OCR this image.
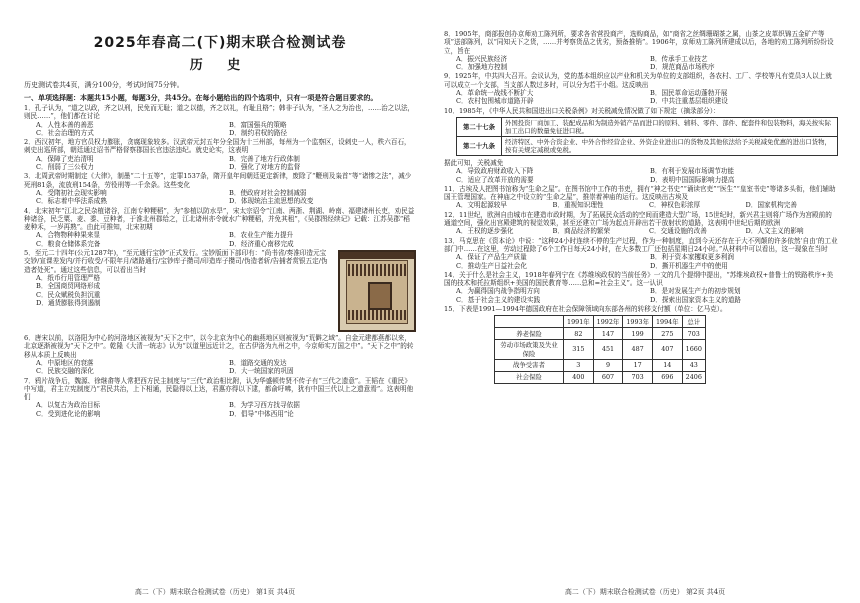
2025年春高二(下)期末联合检测试卷
历 史
历史测试卷共4页，满分100分，考试时间75分钟。
一、单项选择题：本题共15小题，每题3分，共45分。在每小题给出的四个选项中，只有一项是符合题目要求的。
1．孔子认为，“道之以政，齐之以刑，民免而无耻；道之以德，齐之以礼，有耻且格”；韩非子认为，“圣人之为治也，……治之以法，则民……”，他们都在讨论
A．人性本善的善恶	B．富国强兵的策略
C．社会治理的方式	D．制约君权的路径
2．西汉初年，地方官员权力膨胀，贪腐现象较多。汉武帝元封五年分全国为十三州部，每州为一个监察区，设刺史一人，秩六百石，刺史出巡所部，朝廷通过诏书严格督察郡国长官违法违纪。就史论实，这表明
A．保障了吏治清明	B．完善了地方行政体制
C．削弱了三公权力	D．强化了对地方的监督
3．北周武帝时期制定《大律》，制墨“二十五等”，定罪1537条，隋开皇年间朝廷更定新律，废除了“鞭刑及枭首”等“诸惨之法”，减少死刑81条，流放刑154条，劳役刑等一千余条。这些变化
A．受隋初社会现实影响	B．使政府对社会控制减弱
C．标志着中华法系成熟	D．体现统治主流思想的改变
4．北宋初年“江北之民杂植诸谷，江南专种粳稻”，为“参植以防水旱”，宋太宗诏令“江南、两浙、荆湖、岭南、福建诸州长吏，劝民益种诸谷，民乏粟、麦、黍、豆种者，于淮北州郡给之，江北诸州亦令就水广种粳稻，并免其租”，《吴郡图经续记》记载：江苏吴郡“稻麦种禾，一岁再熟”。由此可推知，北宋初期
A．合物物种种果来显	B．农业生产能力提升
C．粮食仓储体系完备	D．经济重心南移完成
5．至元二十四年(公元1287年)，“至元通行宝钞”正式发行。宝钞版面下部印有：“尚书省/奏准印造元宝交钞/宣课差发内/并行收受/不限年月/诸路通行/宝钞库子攒司/印造库子攒司/伪造者斩/告捕者赏银五定/伪造者处死”。通过这些信息，可以看出当时
A．纸币行用管理严格
B．全国商贸网络形成
C．民众赋税负担沉重
D．通货膨胀得到遏制
6．唐宋以前，以洛阳为中心的河洛地区被视为“天下之中”，以今北京为中心的幽燕地区则被视为“荒僻之域”。自金元建都燕都以来，北京逐渐被视为“天下之中”。乾隆《大清一统志》认为“以道里远近计之，在古伊洛为九州之中，今京师实万国之中”。“天下之中”的转移从本质上反映出
A．中原地区的衰落	B．道路交通的发达
C．民族交融的深化	D．大一统国家的巩固
7．鸦片战争后，魏源、徐继畬等人常把西方民主制度与“三代”政治相比附，认为华盛顿传贤不传子有“三代之遗意”。王韬在《重民》中写道，君主立宪制度乃“君民共治，上下相通，民隐得以上达，君惠亦得以下逮，都俞吁咈，犹有中国三代以上之遗意焉”。这表明他们
A．以复古为政治目标	B．为学习西方找寻依据
C．受到进化论的影响	D．倡导“中体西用”论
高二（下）期末联合检测试卷（历史） 第1页 共4页
8．1905年，商部报创办京师劝工陈列所，要求各省营投商产，选购商品，如“商省之丝绸珊瑚茶之属，山茶之皮革织锦五金矿产等项”送部陈列，以“同知天下之货，……并考察货品之优劣，预备推销”。1906年，京师劝工陈列所建成以后，各地的劝工陈列所纷纷设立，旨在
A．振兴民族经济	B．传承手工业技艺
C．加强地方控制	D．规范商品市场秩序
9．1925年，中共四大召开。会议认为，党的基本组织应以产业和机关为单位的支部组织，各农村、工厂、学校等凡有党员3人以上就可以成立一个支部，当支部人数过多时，可以分为若干小组。这反映出
A．革命统一战线不断扩大	B．国民革命运动蓬勃开展
C．农村包围城市道路开辟	D．中共注重基层组织建设
10．1985年，《中华人民共和国进出口关税条例》对关税减免情况做了如下规定（摘录部分）：
第二十七条	外国投资厂商加工、装配成品和为制造外销产品而进口的原料、辅料、零件、部件、配套件和包装物料，海关按实际加工出口的数量免征进口税。
第二十九条	经济特区、中外合资企业、中外合作经营企业、外资企业进出口的货物及其他依法给予关税减免优惠的进出口货物，按有关规定减税或免税。
据此可知，关税减免
A．导致政府财政收入下降	B．有利于发展市场调节功能
C．适应了改革开放的需要	D．表明中国国际影响力提高
11．古埃及人把图书馆称为“生命之屋”。在图书馆中工作的书吏，拥有“神之书史”“诵读官吏”“医生”“皇室书史”等诸多头衔，他们辅助国王管理国家。在神庙之中设立的“生命之屋”，推崇着神庙的运行。这反映出古埃及
A．文明起源较早	B．重视知识理性	C．神权色彩浓厚	D．国家机构完善
12．11世纪，欧洲自由城市在建造市政时期，为了拓展民众活动的空间而建造大型广场，15世纪时，新兴君主则将广场作为宫殿前的通道空间，强化出宫殿建筑的视觉效果，甚至还建立广场为起点开辟出若干放射状的道路，这表明中世纪后期的欧洲
A．王权的逐步强化	B．商品经济的繁荣	C．交通设施的改善	D．人文主义的影响
13．马克思在《资本论》中说：“这种24小时连续不停的生产过程，作为一种制度，直到今天还存在于大不列颠的许多依然‘自由’的工业部门中……在这里，劳动过程除了6个工作日每天24小时，在大多数工厂还包括星期日24小时。”从材料中可以看出，这一现象在当时
A．保证了产品生产质量	B．利于资本家攫取更多利润
C．推动生产日益社会化	D．撕开机器生产中的使用
14．关于什么是社会主义，1918年春列宁在《苏维埃政权的当前任务》一文的几个提纲中提出，“苏维埃政权+普鲁士的铁路秩序+美国的技术和托拉斯组织+美国的国民教育等……总和=社会主义”。这一认识
A．为赢得国内战争指明方向	B．是对发展生产力的初步规划
C．基于社会主义的建设实践	D．探索出国家资本主义的道路
15．下表是1991—1994年德国政府在社会保障领域向东部各州的转移支付额（单位：亿马克）。
	1991年	1992年	1993年	1994年	总计
养老保险	82	147	199	275	703
劳动市场政策及失业保险	315	451	487	407	1660
战争受害者	3	9	17	14	43
社会保险	400	607	703	696	2406
高二（下）期末联合检测试卷（历史） 第2页 共4页
